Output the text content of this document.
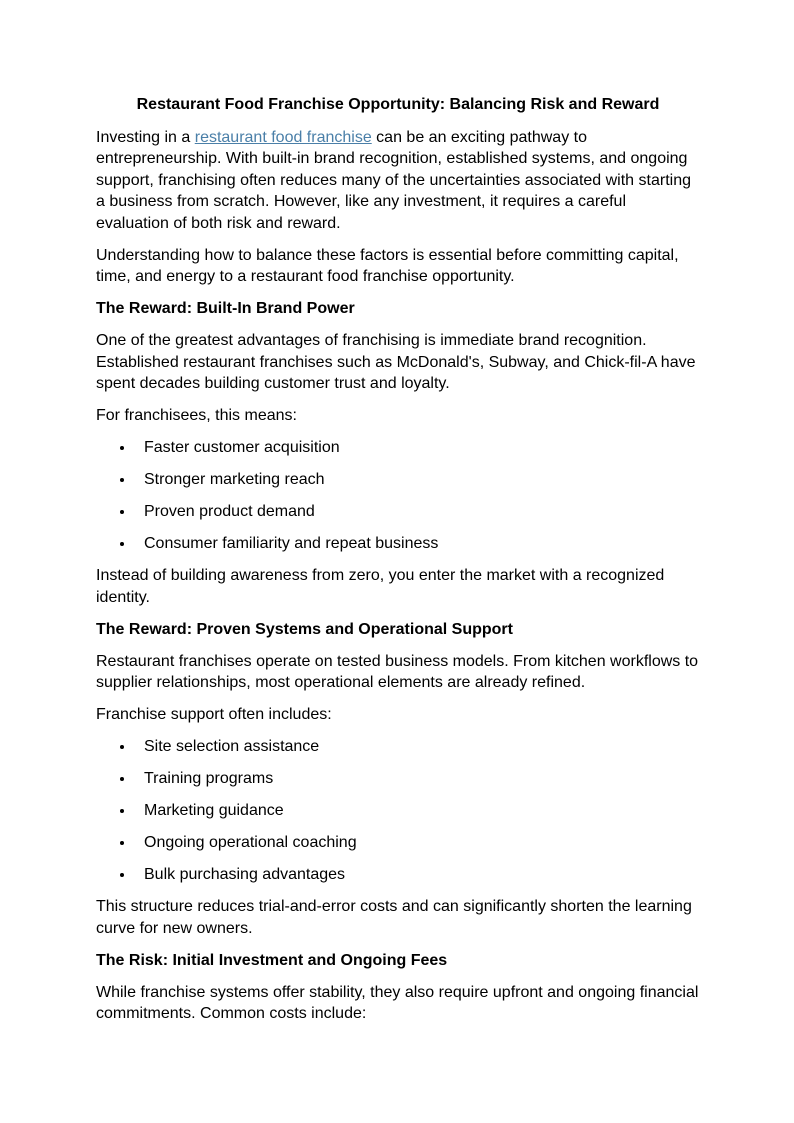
Restaurant Food Franchise Opportunity: Balancing Risk and Reward

Investing in a restaurant food franchise can be an exciting pathway to entrepreneurship. With built-in brand recognition, established systems, and ongoing support, franchising often reduces many of the uncertainties associated with starting a business from scratch. However, like any investment, it requires a careful evaluation of both risk and reward.

Understanding how to balance these factors is essential before committing capital, time, and energy to a restaurant food franchise opportunity.

The Reward: Built-In Brand Power

One of the greatest advantages of franchising is immediate brand recognition. Established restaurant franchises such as McDonald's, Subway, and Chick-fil-A have spent decades building customer trust and loyalty.

For franchisees, this means:

Faster customer acquisition
Stronger marketing reach
Proven product demand
Consumer familiarity and repeat business

Instead of building awareness from zero, you enter the market with a recognized identity.

The Reward: Proven Systems and Operational Support

Restaurant franchises operate on tested business models. From kitchen workflows to supplier relationships, most operational elements are already refined.

Franchise support often includes:

Site selection assistance
Training programs
Marketing guidance
Ongoing operational coaching
Bulk purchasing advantages

This structure reduces trial-and-error costs and can significantly shorten the learning curve for new owners.

The Risk: Initial Investment and Ongoing Fees

While franchise systems offer stability, they also require upfront and ongoing financial commitments. Common costs include:
